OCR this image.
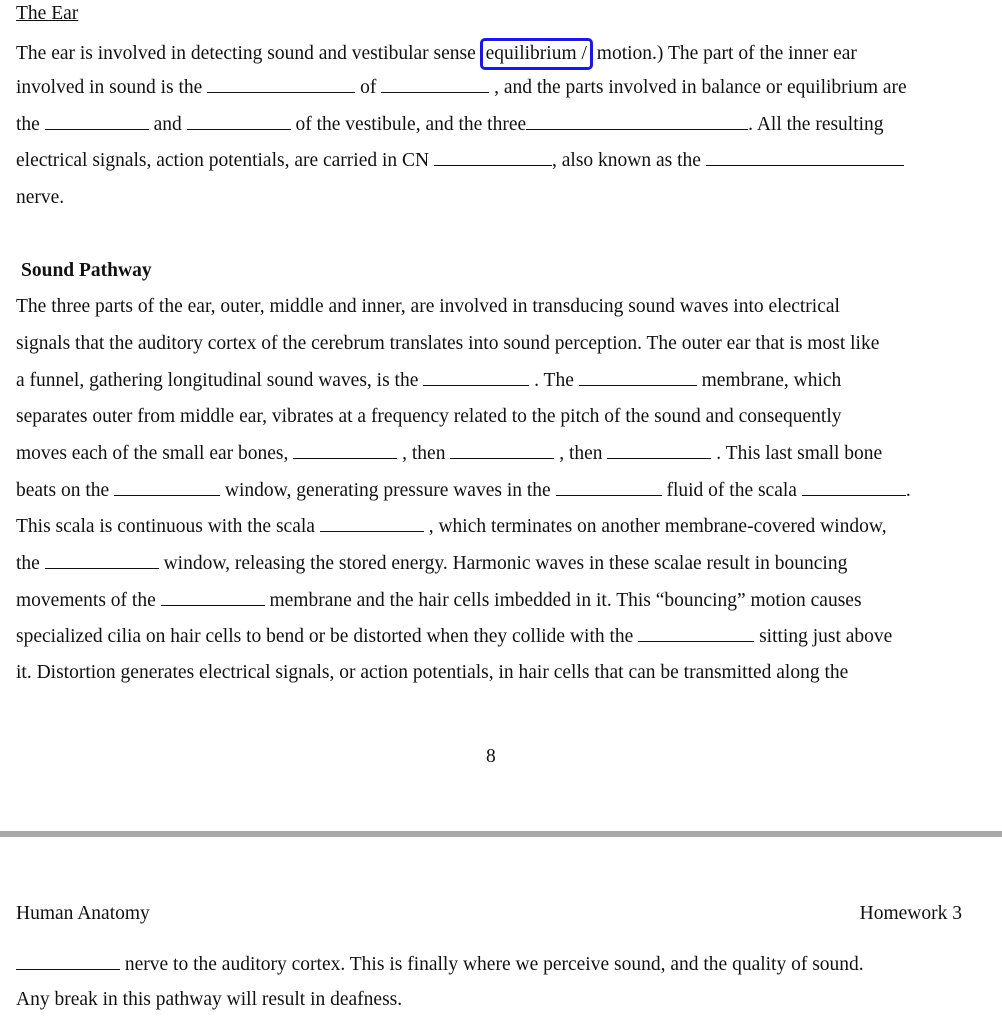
The Ear
The ear is involved in detecting sound and vestibular sense equilibrium / motion.) The part of the inner ear
involved in sound is the	of	, and the parts involved in balance or equilibrium are
the	and	of the vestibule, and the three	. All the resulting
electrical signals, action potentials, are carried in CN	, also known as the
nerve.
Sound Pathway
The three parts of the ear, outer, middle and inner, are involved in transducing sound waves into electrical
signals that the auditory cortex of the cerebrum translates into sound perception. The outer ear that is most like
a funnel, gathering longitudinal sound waves, is the	. The	membrane, which
separates outer from middle ear, vibrates at a frequency related to the pitch of the sound and consequently
moves each of the small ear bones,	, then	, then	. This last small bone
beats on the	window, generating pressure waves in the	fluid of the scala	.
This scala is continuous with the scala	, which terminates on another membrane-covered window,
the	window, releasing the stored energy. Harmonic waves in these scalae result in bouncing
movements of the	membrane and the hair cells imbedded in it. This “bouncing” motion causes
specialized cilia on hair cells to bend or be distorted when they collide with the	sitting just above
it. Distortion generates electrical signals, or action potentials, in hair cells that can be transmitted along the
8
Human Anatomy	Homework 3
nerve to the auditory cortex. This is finally where we perceive sound, and the quality of sound.
Any break in this pathway will result in deafness.
